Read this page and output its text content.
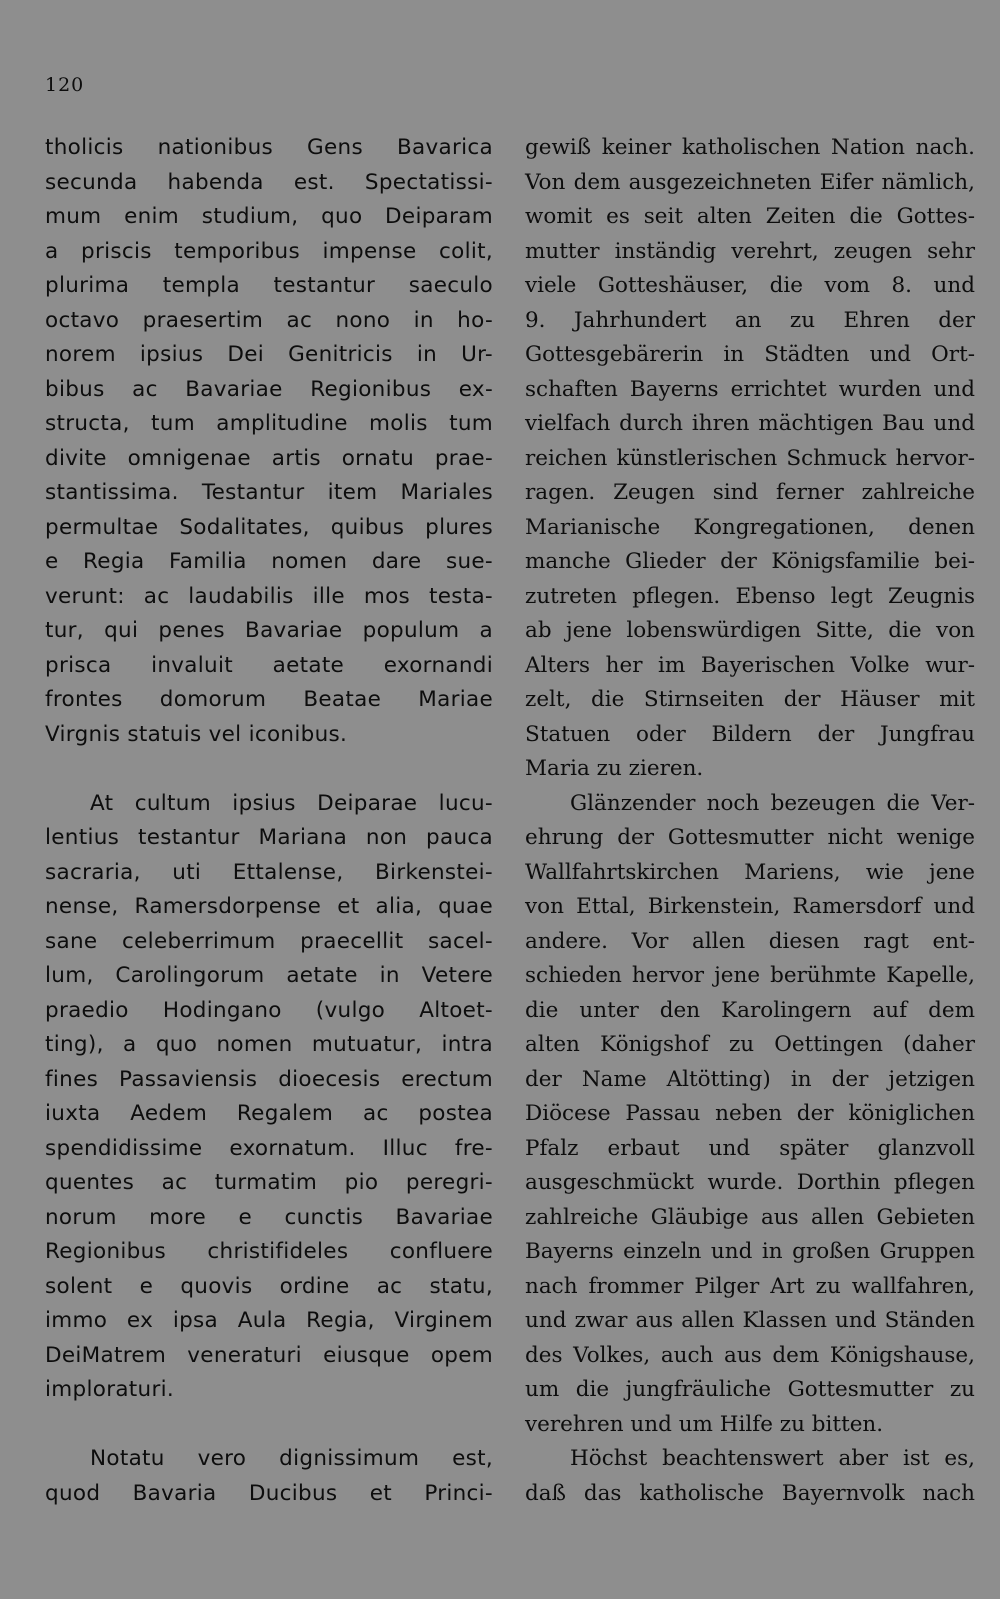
120
tholicis nationibus Gens Bavarica
secunda habenda est. Spectatissi-
mum enim studium, quo Deiparam
a priscis temporibus impense colit,
plurima templa testantur saeculo
octavo praesertim ac nono in ho-
norem ipsius Dei Genitricis in Ur-
bibus ac Bavariae Regionibus ex-
structa, tum amplitudine molis tum
divite omnigenae artis ornatu prae-
stantissima. Testantur item Mariales
permultae Sodalitates, quibus plures
e Regia Familia nomen dare sue-
verunt: ac laudabilis ille mos testa-
tur, qui penes Bavariae populum a
prisca invaluit aetate exornandi
frontes domorum Beatae Mariae
Virgnis statuis vel iconibus.
At cultum ipsius Deiparae lucu-
lentius testantur Mariana non pauca
sacraria, uti Ettalense, Birkenstei-
nense, Ramersdorpense et alia, quae
sane celeberrimum praecellit sacel-
lum, Carolingorum aetate in Vetere
praedio Hodingano (vulgo Altoet-
ting), a quo nomen mutuatur, intra
fines Passaviensis dioecesis erectum
iuxta Aedem Regalem ac postea
spendidissime exornatum. Illuc fre-
quentes ac turmatim pio peregri-
norum more e cunctis Bavariae
Regionibus christifideles confluere
solent e quovis ordine ac statu,
immo ex ipsa Aula Regia, Virginem
DeiMatrem veneraturi eiusque opem
imploraturi.
Notatu vero dignissimum est,
quod Bavaria Ducibus et Princi-
gewiß keiner katholischen Nation nach.
Von dem ausgezeichneten Eifer nämlich,
womit es seit alten Zeiten die Gottes-
mutter inständig verehrt, zeugen sehr
viele Gotteshäuser, die vom 8. und
9. Jahrhundert an zu Ehren der
Gottesgebärerin in Städten und Ort-
schaften Bayerns errichtet wurden und
vielfach durch ihren mächtigen Bau und
reichen künstlerischen Schmuck hervor-
ragen. Zeugen sind ferner zahlreiche
Marianische Kongregationen, denen
manche Glieder der Königsfamilie bei-
zutreten pflegen. Ebenso legt Zeugnis
ab jene lobenswürdigen Sitte, die von
Alters her im Bayerischen Volke wur-
zelt, die Stirnseiten der Häuser mit
Statuen oder Bildern der Jungfrau
Maria zu zieren.
Glänzender noch bezeugen die Ver-
ehrung der Gottesmutter nicht wenige
Wallfahrtskirchen Mariens, wie jene
von Ettal, Birkenstein, Ramersdorf und
andere. Vor allen diesen ragt ent-
schieden hervor jene berühmte Kapelle,
die unter den Karolingern auf dem
alten Königshof zu Oettingen (daher
der Name Altötting) in der jetzigen
Diöcese Passau neben der königlichen
Pfalz erbaut und später glanzvoll
ausgeschmückt wurde. Dorthin pflegen
zahlreiche Gläubige aus allen Gebieten
Bayerns einzeln und in großen Gruppen
nach frommer Pilger Art zu wallfahren,
und zwar aus allen Klassen und Ständen
des Volkes, auch aus dem Königshause,
um die jungfräuliche Gottesmutter zu
verehren und um Hilfe zu bitten.
Höchst beachtenswert aber ist es,
daß das katholische Bayernvolk nach
